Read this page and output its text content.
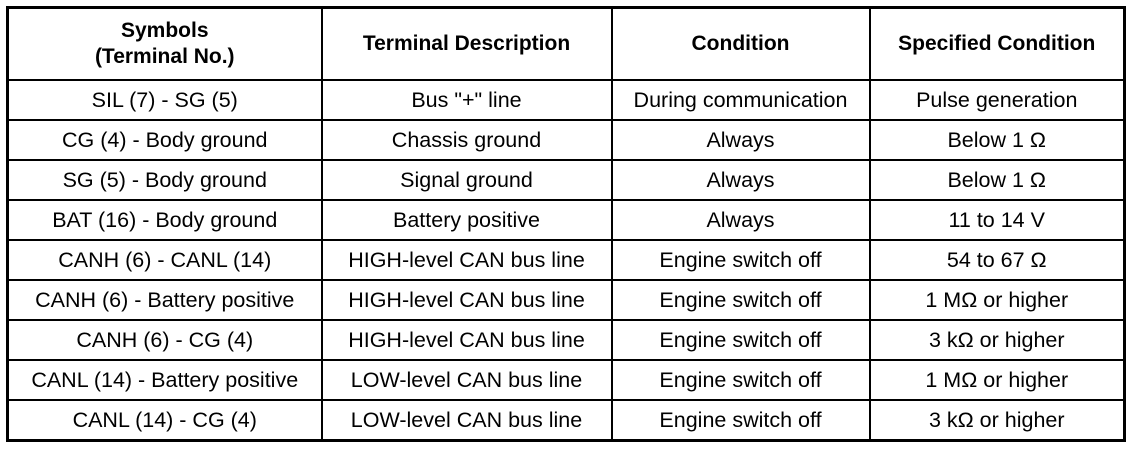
Symbols
(Terminal No.)	Terminal Description	Condition	Specified Condition
SIL (7) - SG (5)	Bus "+" line	During communication	Pulse generation
CG (4) - Body ground	Chassis ground	Always	Below 1 Ω
SG (5) - Body ground	Signal ground	Always	Below 1 Ω
BAT (16) - Body ground	Battery positive	Always	11 to 14 V
CANH (6) - CANL (14)	HIGH-level CAN bus line	Engine switch off	54 to 67 Ω
CANH (6) - Battery positive	HIGH-level CAN bus line	Engine switch off	1 MΩ or higher
CANH (6) - CG (4)	HIGH-level CAN bus line	Engine switch off	3 kΩ or higher
CANL (14) - Battery positive	LOW-level CAN bus line	Engine switch off	1 MΩ or higher
CANL (14) - CG (4)	LOW-level CAN bus line	Engine switch off	3 kΩ or higher
